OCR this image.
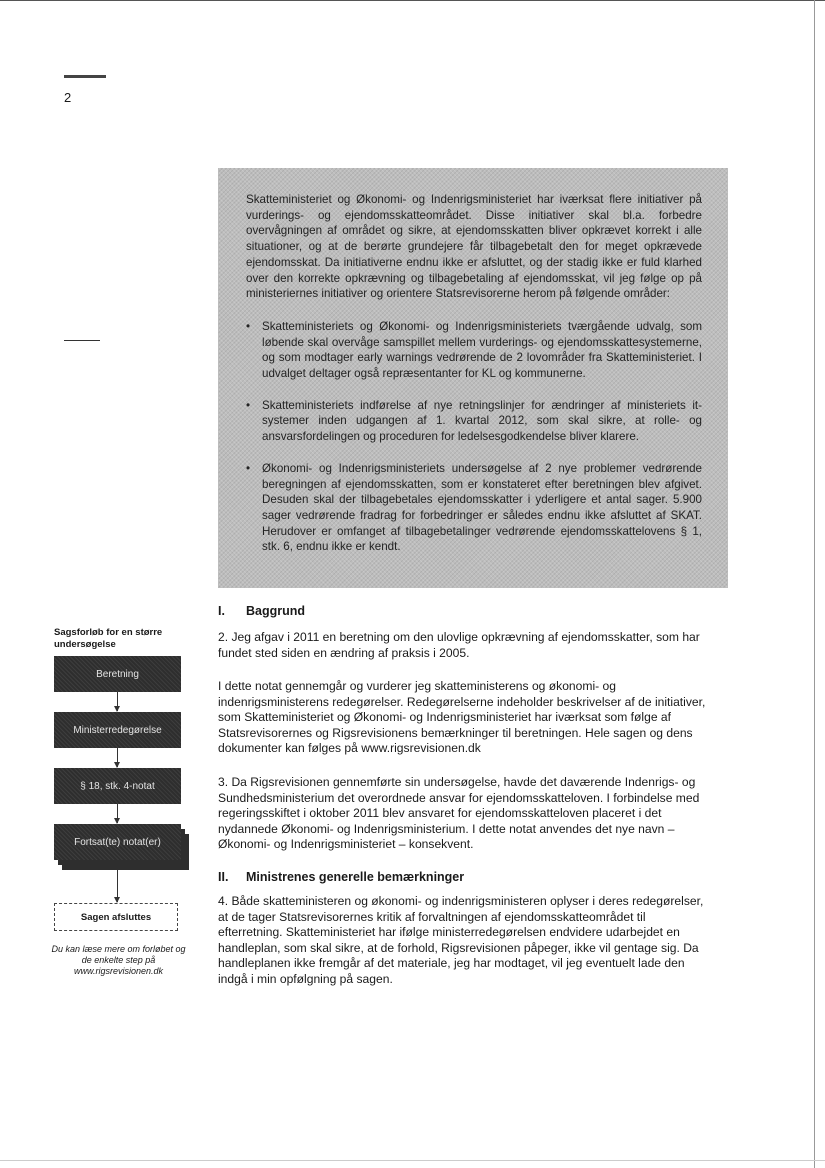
2

Skatteministeriet og Økonomi- og Indenrigsministeriet har iværksat flere initiativer på vurderings- og ejendomsskatteområdet. Disse initiativer skal bl.a. forbedre overvågningen af området og sikre, at ejendomsskatten bliver opkrævet korrekt i alle situationer, og at de berørte grundejere får tilbagebetalt den for meget opkrævede ejendomsskat. Da initiativerne endnu ikke er afsluttet, og der stadig ikke er fuld klarhed over den korrekte opkrævning og tilbagebetaling af ejendomsskat, vil jeg følge op på ministeriernes initiativer og orientere Statsrevisorerne herom på følgende områder:

• Skatteministeriets og Økonomi- og Indenrigsministeriets tværgående udvalg, som løbende skal overvåge samspillet mellem vurderings- og ejendomsskattesystemerne, og som modtager early warnings vedrørende de 2 lovområder fra Skatteministeriet. I udvalget deltager også repræsentanter for KL og kommunerne.
• Skatteministeriets indførelse af nye retningslinjer for ændringer af ministeriets it-systemer inden udgangen af 1. kvartal 2012, som skal sikre, at rolle- og ansvarsfordelingen og proceduren for ledelsesgodkendelse bliver klarere.
• Økonomi- og Indenrigsministeriets undersøgelse af 2 nye problemer vedrørende beregningen af ejendomsskatten, som er konstateret efter beretningen blev afgivet. Desuden skal der tilbagebetales ejendomsskatter i yderligere et antal sager. 5.900 sager vedrørende fradrag for forbedringer er således endnu ikke afsluttet af SKAT. Herudover er omfanget af tilbagebetalinger vedrørende ejendomsskattelovens § 1, stk. 6, endnu ikke er kendt.
I. Baggrund

2. Jeg afgav i 2011 en beretning om den ulovlige opkrævning af ejendomsskatter, som har fundet sted siden en ændring af praksis i 2005.

I dette notat gennemgår og vurderer jeg skatteministerens og økonomi- og indenrigsministerens redegørelser. Redegørelserne indeholder beskrivelser af de initiativer, som Skatteministeriet og Økonomi- og Indenrigsministeriet har iværksat som følge af Statsrevisorernes og Rigsrevisionens bemærkninger til beretningen. Hele sagen og dens dokumenter kan følges på www.rigsrevisionen.dk

3. Da Rigsrevisionen gennemførte sin undersøgelse, havde det daværende Indenrigs- og Sundhedsministerium det overordnede ansvar for ejendomsskatteloven. I forbindelse med regeringsskiftet i oktober 2011 blev ansvaret for ejendomsskatteloven placeret i det nydannede Økonomi- og Indenrigsministerium. I dette notat anvendes det nye navn – Økonomi- og Indenrigsministeriet – konsekvent.

II. Ministrenes generelle bemærkninger

4. Både skatteministeren og økonomi- og indenrigsministeren oplyser i deres redegørelser, at de tager Statsrevisorernes kritik af forvaltningen af ejendomsskatteområdet til efterretning. Skatteministeriet har ifølge ministerredegørelsen endvidere udarbejdet en handleplan, som skal sikre, at de forhold, Rigsrevisionen påpeger, ikke vil gentage sig. Da handleplanen ikke fremgår af det materiale, jeg har modtaget, vil jeg eventuelt lade den indgå i min opfølgning på sagen.

Sagsforløb for en større undersøgelse
Beretning
Ministerredegørelse
§ 18, stk. 4-notat
Fortsat(te) notat(er)
Sagen afsluttes
Du kan læse mere om forløbet og de enkelte step på www.rigsrevisionen.dk
